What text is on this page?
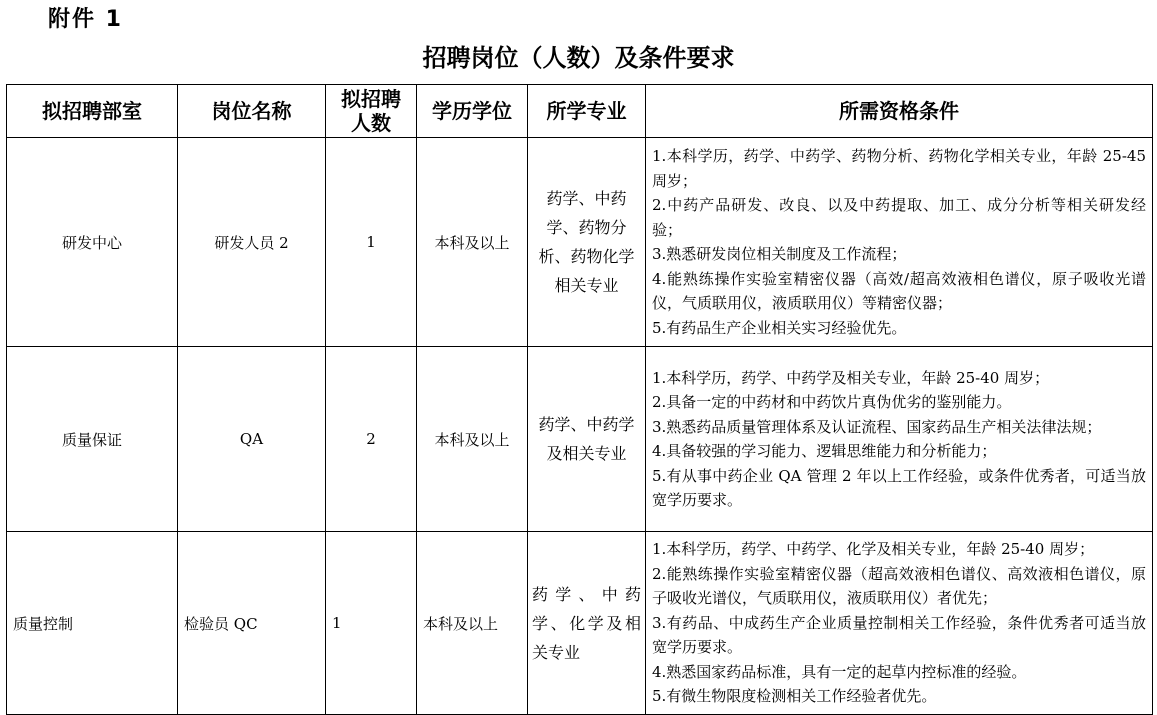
附件 1
招聘岗位（人数）及条件要求
拟招聘部室	岗位名称	拟招聘人数	学历学位	所学专业	所需资格条件
研发中心	研发人员 2	1	本科及以上	药学、中药学、药物分析、药物化学相关专业	1.本科学历，药学、中药学、药物分析、药物化学相关专业，年龄 25-45 周岁；
2.中药产品研发、改良、以及中药提取、加工、成分分析等相关研发经验；
3.熟悉研发岗位相关制度及工作流程；
4.能熟练操作实验室精密仪器（高效/超高效液相色谱仪，原子吸收光谱仪，气质联用仪，液质联用仪）等精密仪器；
5.有药品生产企业相关实习经验优先。

质量保证	QA	2	本科及以上	药学、中药学及相关专业	1.本科学历，药学、中药学及相关专业，年龄 25-40 周岁；
2.具备一定的中药材和中药饮片真伪优劣的鉴别能力。
3.熟悉药品质量管理体系及认证流程、国家药品生产相关法律法规；
4.具备较强的学习能力、逻辑思维能力和分析能力；
5.有从事中药企业 QA 管理 2 年以上工作经验，或条件优秀者，可适当放宽学历要求。

质量控制	检验员 QC	1	本科及以上	药学、中药学、化学及相关专业	1.本科学历，药学、中药学、化学及相关专业，年龄 25-40 周岁；
2.能熟练操作实验室精密仪器（超高效液相色谱仪、高效液相色谱仪，原子吸收光谱仪，气质联用仪，液质联用仪）者优先；
3.有药品、中成药生产企业质量控制相关工作经验，条件优秀者可适当放宽学历要求。
4.熟悉国家药品标准，具有一定的起草内控标准的经验。
5.有微生物限度检测相关工作经验者优先。
